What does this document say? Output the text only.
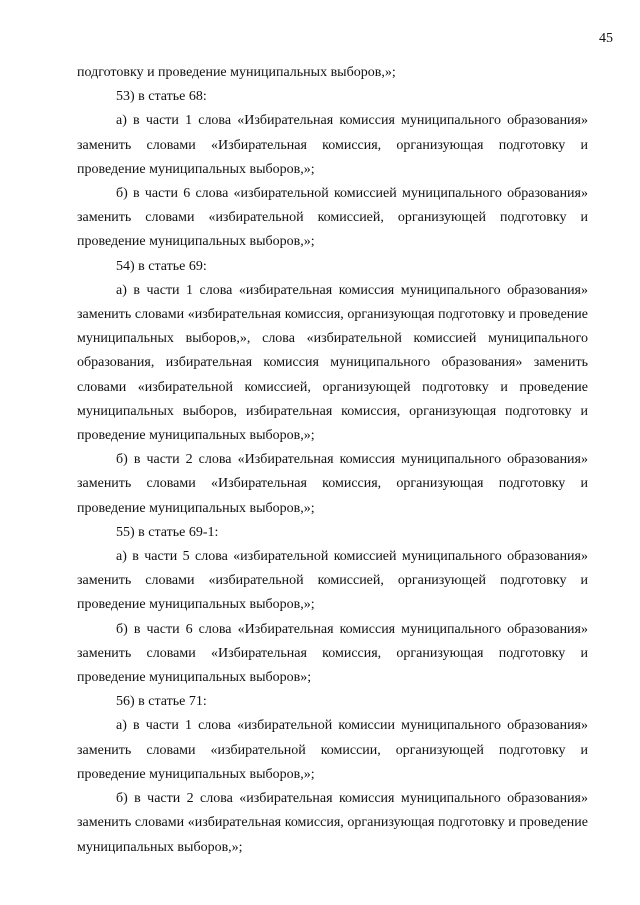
45

подготовку и проведение муниципальных выборов,»;

53) в статье 68:

а) в части 1 слова «Избирательная комиссия муниципального образования» заменить словами «Избирательная комиссия, организующая подготовку и проведение муниципальных выборов,»;

б) в части 6 слова «избирательной комиссией муниципального образования» заменить словами «избирательной комиссией, организующей подготовку и проведение муниципальных выборов,»;

54) в статье 69:

а) в части 1 слова «избирательная комиссия муниципального образования» заменить словами «избирательная комиссия, организующая подготовку и проведение муниципальных выборов,», слова «избирательной комиссией муниципального образования, избирательная комиссия муниципального образования» заменить словами «избирательной комиссией, организующей подготовку и проведение муниципальных выборов, избирательная комиссия, организующая подготовку и проведение муниципальных выборов,»;

б) в части 2 слова «Избирательная комиссия муниципального образования» заменить словами «Избирательная комиссия, организующая подготовку и проведение муниципальных выборов,»;

55) в статье 69-1:

а) в части 5 слова «избирательной комиссией муниципального образования» заменить словами «избирательной комиссией, организующей подготовку и проведение муниципальных выборов,»;

б) в части 6 слова «Избирательная комиссия муниципального образования» заменить словами «Избирательная комиссия, организующая подготовку и проведение муниципальных выборов»;

56) в статье 71:

а) в части 1 слова «избирательной комиссии муниципального образования» заменить словами «избирательной комиссии, организующей подготовку и проведение муниципальных выборов,»;

б) в части 2 слова «избирательная комиссия муниципального образования» заменить словами «избирательная комиссия, организующая подготовку и проведение муниципальных выборов,»;
